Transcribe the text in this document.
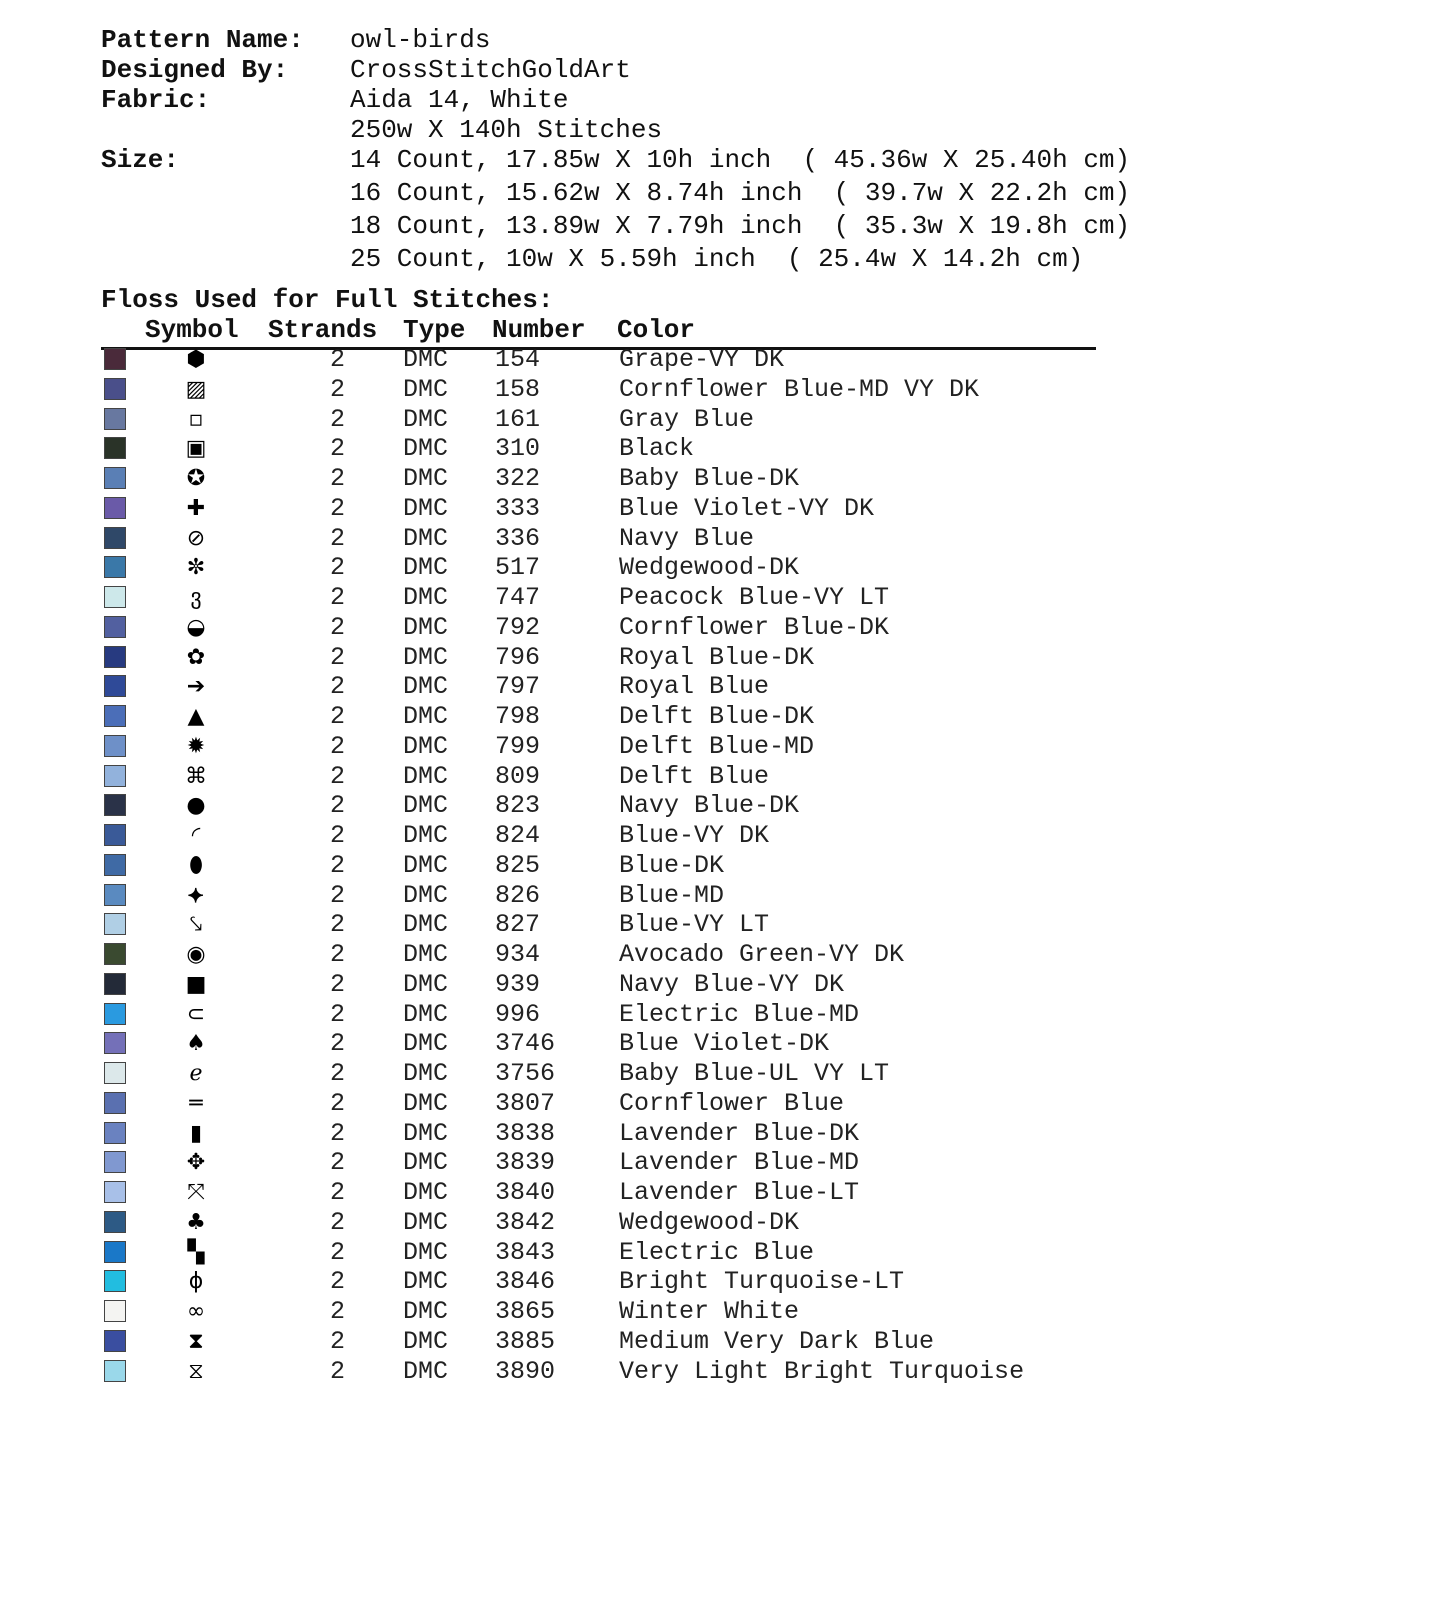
Pattern Name: owl-birds
Designed By: CrossStitchGoldArt
Fabric:	Aida 14, White
250w X 140h Stitches
Size:	14 Count, 17.85w X 10h inch  ( 45.36w X 25.40h cm)
16 Count, 15.62w X 8.74h inch  ( 39.7w X 22.2h cm)
18 Count, 13.89w X 7.79h inch  ( 35.3w X 19.8h cm)
25 Count, 10w X 5.59h inch  ( 25.4w X 14.2h cm)
Floss Used for Full Stitches:
Symbol Strands Type Number Color
⬢	2 DMC 154	Grape-VY DK
▨	2 DMC 158	Cornflower Blue-MD VY DK
▫	2 DMC 161	Gray Blue
▣	2 DMC 310	Black
✪	2 DMC 322	Baby Blue-DK
✚	2 DMC 333	Blue Violet-VY DK
⊘	2 DMC 336	Navy Blue
✼	2 DMC 517	Wedgewood-DK
ვ	2 DMC 747	Peacock Blue-VY LT
◒	2 DMC 792	Cornflower Blue-DK
✿	2 DMC 796	Royal Blue-DK
➔	2 DMC 797	Royal Blue
▲	2 DMC 798	Delft Blue-DK
✹	2 DMC 799	Delft Blue-MD
⌘	2 DMC 809	Delft Blue
●	2 DMC 823	Navy Blue-DK
◜	2 DMC 824	Blue-VY DK
⬮	2 DMC 825	Blue-DK
⯌	2 DMC 826	Blue-MD
⤥	2 DMC 827	Blue-VY LT
◉	2 DMC 934	Avocado Green-VY DK
■	2 DMC 939	Navy Blue-VY DK
⊂	2 DMC 996	Electric Blue-MD
♠	2 DMC 3746	Blue Violet-DK
ℯ	2 DMC 3756	Baby Blue-UL VY LT
═	2 DMC 3807	Cornflower Blue
▮	2 DMC 3838	Lavender Blue-DK
✥	2 DMC 3839	Lavender Blue-MD
⤧	2 DMC 3840	Lavender Blue-LT
♣	2 DMC 3842	Wedgewood-DK
▚	2 DMC 3843	Electric Blue
ɸ	2 DMC 3846	Bright Turquoise-LT
∞	2 DMC 3865	Winter White
⧗	2 DMC 3885	Medium Very Dark Blue
⧖	2 DMC 3890	Very Light Bright Turquoise
